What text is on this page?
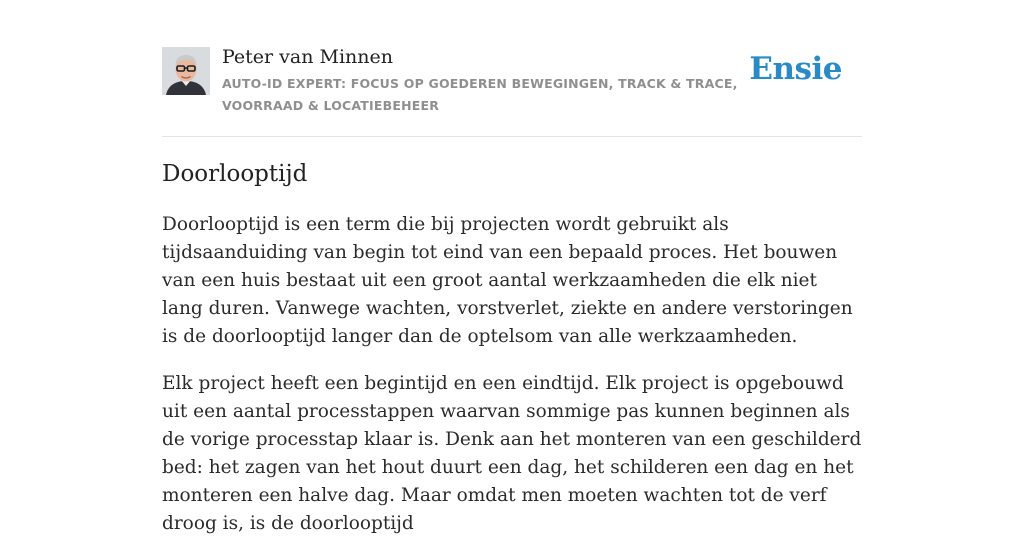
Peter van Minnen
AUTO-ID EXPERT: FOCUS OP GOEDEREN BEWEGINGEN, TRACK & TRACE, VOORRAAD & LOCATIEBEHEER
Ensie
Doorlooptijd

Doorlooptijd is een term die bij projecten wordt gebruikt als tijdsaanduiding van begin tot eind van een bepaald proces. Het bouwen van een huis bestaat uit een groot aantal werkzaamheden die elk niet lang duren. Vanwege wachten, vorstverlet, ziekte en andere verstoringen is de doorlooptijd langer dan de optelsom van alle werkzaamheden.

Elk project heeft een begintijd en een eindtijd. Elk project is opgebouwd uit een aantal processtappen waarvan sommige pas kunnen beginnen als de vorige processtap klaar is. Denk aan het monteren van een geschilderd bed: het zagen van het hout duurt een dag, het schilderen een dag en het monteren een halve dag. Maar omdat men moeten wachten tot de verf droog is, is de doorlooptijd
